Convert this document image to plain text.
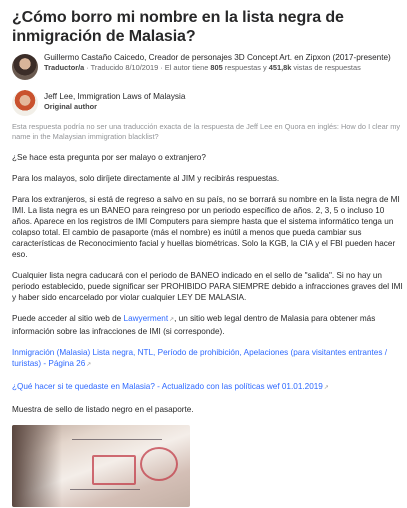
¿Cómo borro mi nombre en la lista negra de inmigración de Malasia?
Guillermo Castaño Caicedo, Creador de personajes 3D Concept Art. en Zipxon (2017-presente)
Traductor/a · Traducido 8/10/2019 · El autor tiene 805 respuestas y 451,8k vistas de respuestas
Jeff Lee, Immigration Laws of Malaysia
Original author
Esta respuesta podría no ser una traducción exacta de la respuesta de Jeff Lee en Quora en inglés: How do I clear my name in the Malaysian immigration blacklist?

¿Se hace esta pregunta por ser malayo o extranjero?

Para los malayos, solo diríjete directamente al JIM y recibirás respuestas.

Para los extranjeros, si está de regreso a salvo en su país, no se borrará su nombre en la lista negra de MI IMI. La lista negra es un BANEO para reingreso por un periodo específico de años. 2, 3, 5 o incluso 10 años. Aparece en los registros de IMI Computers para siempre hasta que el sistema informático tenga un colapso total. El cambio de pasaporte (más el nombre) es inútil a menos que pueda cambiar sus características de Reconocimiento facial y huellas biométricas. Solo la KGB, la CIA y el FBI pueden hacer eso.

Cualquier lista negra caducará con el periodo de BANEO indicado en el sello de "salida". Si no hay un periodo establecido, puede significar ser PROHIBIDO PARA SIEMPRE debido a infracciones graves del IMI y haber sido encarcelado por violar cualquier LEY DE MALASIA.

Puede acceder al sitio web de Lawyerment↗, un sitio web legal dentro de Malasia para obtener más información sobre las infracciones de IMI (si corresponde).

Inmigración (Malasia) Lista negra, NTL, Período de prohibición, Apelaciones (para visitantes entrantes / turistas) - Página 26↗
¿Qué hacer si te quedaste en Malasia? - Actualizado con las políticas wef 01.01.2019↗

Muestra de sello de listado negro en el pasaporte.
